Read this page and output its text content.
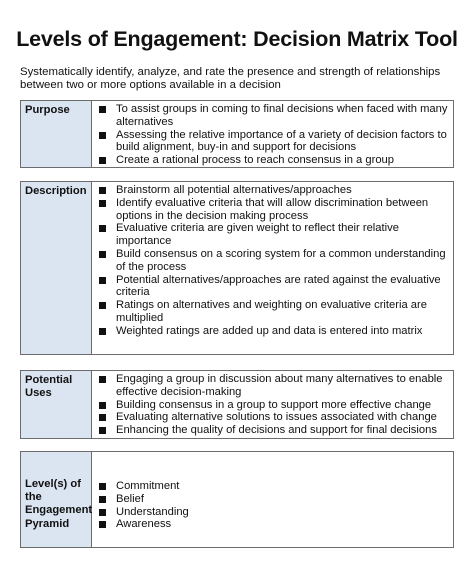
Levels of Engagement: Decision Matrix Tool
Systematically identify, analyze, and rate the presence and strength of relationships between two or more options available in a decision
Purpose	To assist groups in coming to final decisions when faced with many alternatives
Assessing the relative importance of a variety of decision factors to build alignment, buy-in and support for decisions
Create a rational process to reach consensus in a group
Description	Brainstorm all potential alternatives/approaches
Identify evaluative criteria that will allow discrimination between options in the decision making process
Evaluative criteria are given weight to reflect their relative importance
Build consensus on a scoring system for a common understanding of the process
Potential alternatives/approaches are rated against the evaluative criteria
Ratings on alternatives and weighting on evaluative criteria are multiplied
Weighted ratings are added up and data is entered into matrix
Potential Uses
Engaging a group in discussion about many alternatives to enable effective decision-making
Building consensus in a group to support more effective change
Evaluating alternative solutions to issues associated with change
Enhancing the quality of decisions and support for final decisions
Level(s) of the Engagement Pyramid
Commitment
Belief
Understanding
Awareness
